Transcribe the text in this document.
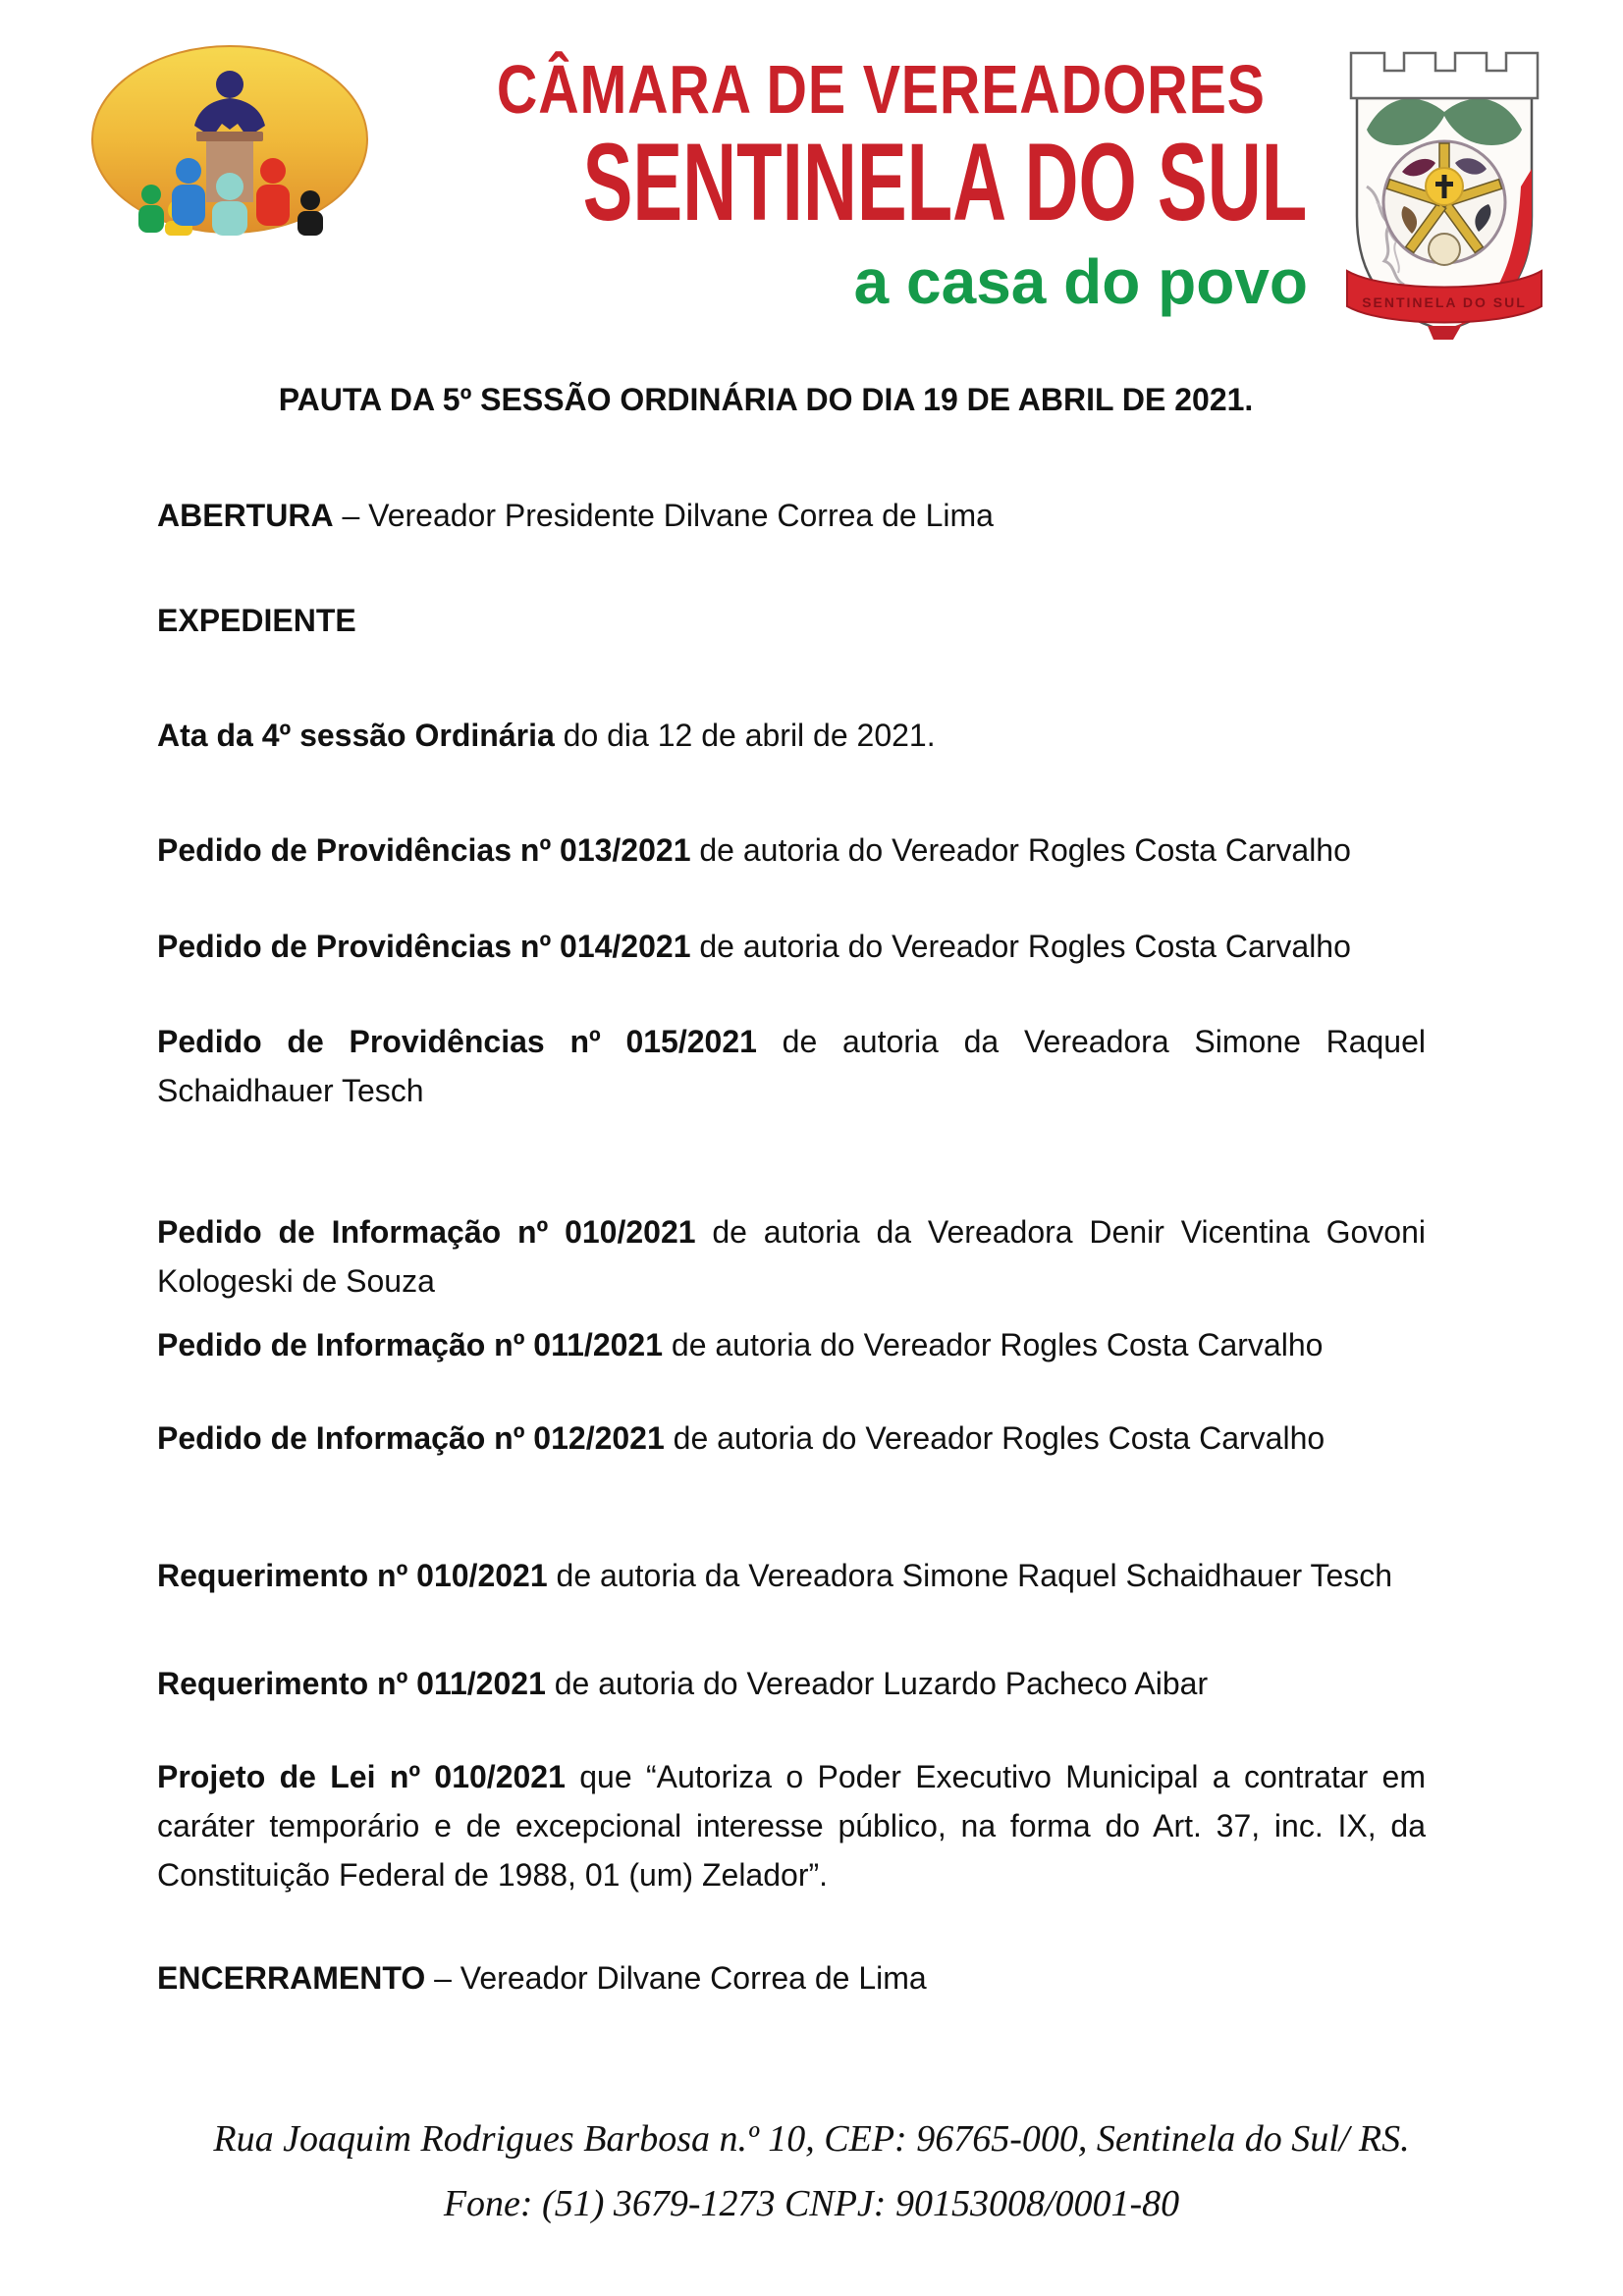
CÂMARA DE VEREADORES
SENTINELA DO SUL
a casa do povo	SENTINELA DO SUL
PAUTA DA 5º SESSÃO ORDINÁRIA DO DIA 19 DE ABRIL DE 2021.

ABERTURA – Vereador Presidente Dilvane Correa de Lima

EXPEDIENTE

Ata da 4º sessão Ordinária do dia 12 de abril de 2021.

Pedido de Providências nº 013/2021 de autoria do Vereador Rogles Costa Carvalho

Pedido de Providências nº 014/2021 de autoria do Vereador Rogles Costa Carvalho

Pedido de Providências nº 015/2021 de autoria da Vereadora Simone Raquel Schaidhauer Tesch

Pedido de Informação nº 010/2021 de autoria da Vereadora Denir Vicentina Govoni Kologeski de Souza

Pedido de Informação nº 011/2021 de autoria do Vereador Rogles Costa Carvalho

Pedido de Informação nº 012/2021 de autoria do Vereador Rogles Costa Carvalho

Requerimento nº 010/2021 de autoria da Vereadora Simone Raquel Schaidhauer Tesch

Requerimento nº 011/2021 de autoria do Vereador Luzardo Pacheco Aibar

Projeto de Lei nº 010/2021 que “Autoriza o Poder Executivo Municipal a contratar em caráter temporário e de excepcional interesse público, na forma do Art. 37, inc. IX, da Constituição Federal de 1988, 01 (um) Zelador”.

ENCERRAMENTO – Vereador Dilvane Correa de Lima

Rua Joaquim Rodrigues Barbosa n.º 10, CEP: 96765-000, Sentinela do Sul/ RS.

Fone: (51) 3679-1273 CNPJ: 90153008/0001-80
